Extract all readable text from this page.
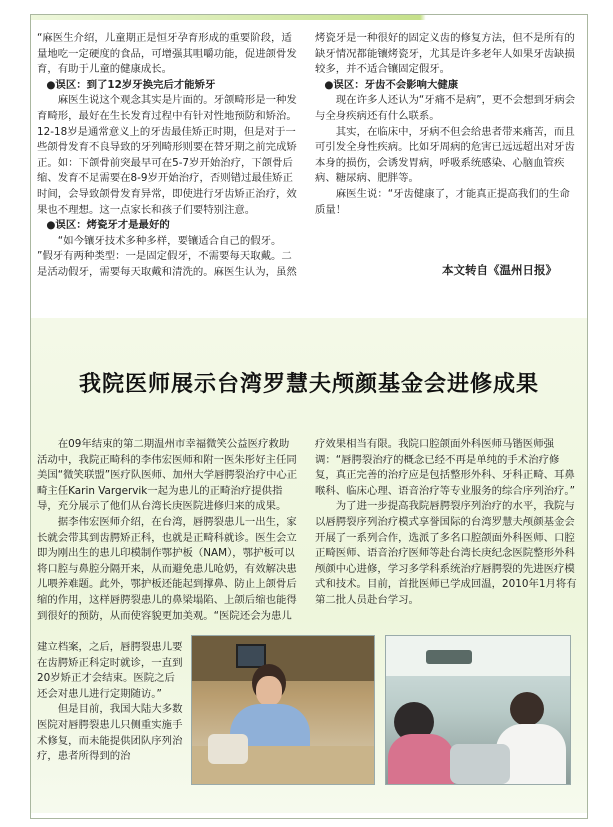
“麻医生介绍，儿童期正是恒牙孕育形成的重要阶段，适量地吃一定硬度的食品，可增强其咀嚼功能，促进颌骨发育，有助于儿童的健康成长。

●误区：到了12岁牙换完后才能矫牙

麻医生说这个观念其实是片面的。牙颌畸形是一种发育畸形，最好在生长发育过程中有针对性地预防和矫治。12-18岁是通常意义上的牙齿最佳矫正时期，但是对于一些颌骨发育不良导致的牙列畸形则要在替牙期之前完成矫正。如：下颌骨前突最早可在5-7岁开始治疗，下颌骨后缩、发育不足需要在8-9岁开始治疗，否则错过最佳矫正时间，会导致颌骨发育异常，即使进行牙齿矫正治疗，效果也不理想。这一点家长和孩子们要特别注意。

●误区：烤瓷牙才是最好的

“如今镶牙技术多种多样，要镶适合自己的假牙。

”假牙有两种类型：一是固定假牙，不需要每天取戴。二是活动假牙，需要每天取戴和清洗的。麻医生认为，虽然

烤瓷牙是一种很好的固定义齿的修复方法，但不是所有的缺牙情况都能镶烤瓷牙，尤其是许多老年人如果牙齿缺损较多，并不适合镶固定假牙。

●误区：牙齿不会影响大健康

现在许多人还认为“牙痛不是病”，更不会想到牙病会与全身疾病还有什么联系。

其实，在临床中，牙病不但会给患者带来痛苦，而且可引发全身性疾病。比如牙周病的危害已远远超出对牙齿本身的损伤，会诱发胃病，呼吸系统感染、心脑血管疾病、糖尿病、肥胖等。

麻医生说：“牙齿健康了，才能真正提高我们的生命质量！

本文转自《温州日报》
我院医师展示台湾罗慧夫颅颜基金会进修成果

在09年结束的第二期温州市幸福微笑公益医疗救助活动中，我院正畸科的李伟宏医师和附一医朱彤好主任同美国“微笑联盟”医疗队医师、加州大学唇腭裂治疗中心正畸主任Karin Vargervik一起为患儿的正畸治疗提供指导，充分展示了他们从台湾长庚医院进修归来的成果。

据李伟宏医师介绍，在台湾，唇腭裂患儿一出生，家长就会带其到齿腭矫正科，也就是正畸科就诊。医生会立即为刚出生的患儿印模制作鄂护板（NAM），鄂护板可以将口腔与鼻腔分隔开来，从而避免患儿呛奶，有效解决患儿喂养难题。此外，鄂护板还能起到撑鼻、防止上颌骨后缩的作用，这样唇腭裂患儿的鼻梁塌陷、上颌后缩也能得到很好的预防，从而使容貌更加美观。“医院还会为患儿

建立档案，之后，唇腭裂患儿要在齿腭矫正科定时就诊，一直到20岁矫正才会结束。医院之后还会对患儿进行定期随访。”

但是目前，我国大陆大多数医院对唇腭裂患儿只侧重实施手术修复，而未能提供团队序列治疗，患者所得到的治

疗效果相当有限。我院口腔颌面外科医师马锴医师强调：“唇腭裂治疗的概念已经不再是单纯的手术治疗修复，真正完善的治疗应是包括整形外科、牙科正畸、耳鼻喉科、临床心理、语音治疗等专业服务的综合序列治疗。”

为了进一步提高我院唇腭裂序列治疗的水平，我院与以唇腭裂序列治疗模式享誉国际的台湾罗慧夫颅颜基金会开展了一系列合作，选派了多名口腔颌面外科医师、口腔正畸医师、语音治疗医师等赴台湾长庚纪念医院整形外科颅颜中心进修，学习多学科系统治疗唇腭裂的先进医疗模式和技术。目前，首批医师已学成回温，2010年1月将有第二批人员赴台学习。
